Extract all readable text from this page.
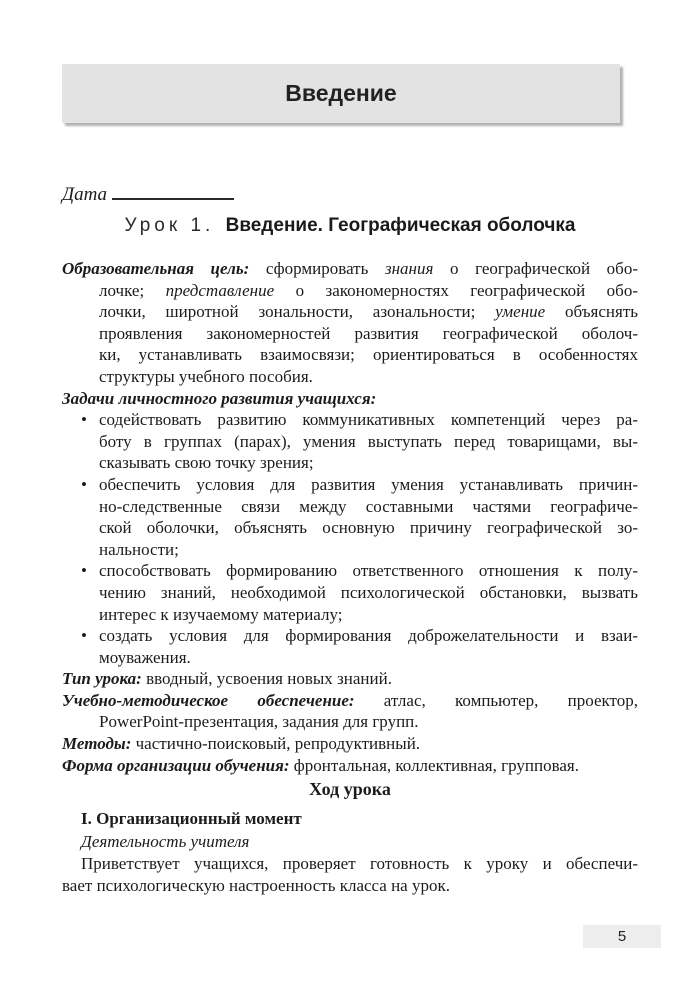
Введение
Дата
Урок 1. Введение. Географическая оболочка
Образовательная цель: сформировать знания о географической обо-
лочке; представление о закономерностях географической обо-
лочки, широтной зональности, азональности; умение объяснять
проявления закономерностей развития географической оболоч-
ки, устанавливать взаимосвязи; ориентироваться в особенностях
структуры учебного пособия.
Задачи личностного развития учащихся:
• содействовать развитию коммуникативных компетенций через ра-
боту в группах (парах), умения выступать перед товарищами, вы-
сказывать свою точку зрения;
• обеспечить условия для развития умения устанавливать причин-
но-следственные связи между составными частями географиче-
ской оболочки, объяснять основную причину географической зо-
нальности;
• способствовать формированию ответственного отношения к полу-
чению знаний, необходимой психологической обстановки, вызвать
интерес к изучаемому материалу;
• создать условия для формирования доброжелательности и взаи-
моуважения.
Тип урока: вводный, усвоения новых знаний.
Учебно-методическое обеспечение: атлас, компьютер, проектор,
PowerPoint-презентация, задания для групп.
Методы: частично-поисковый, репродуктивный.
Форма организации обучения: фронтальная, коллективная, групповая.
Ход урока
I. Организационный момент
Деятельность учителя
Приветствует учащихся, проверяет готовность к уроку и обеспечи-
вает психологическую настроенность класса на урок.
5
